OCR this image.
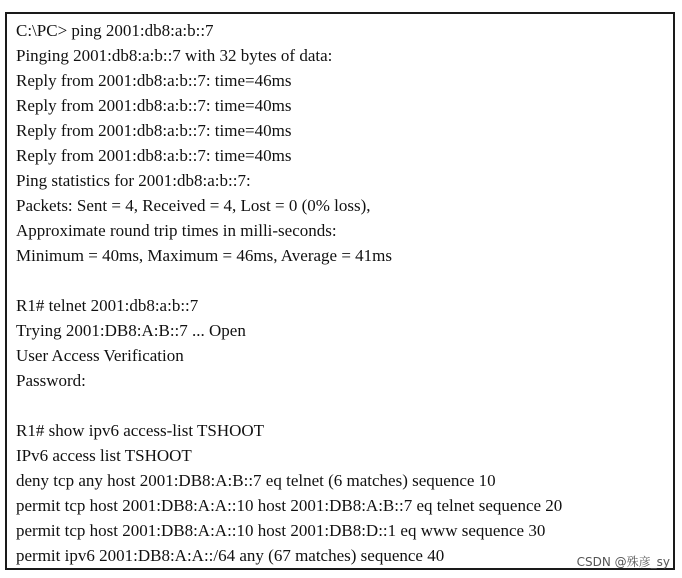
C:\PC> ping 2001:db8:a:b::7
Pinging 2001:db8:a:b::7 with 32 bytes of data:
Reply from 2001:db8:a:b::7: time=46ms
Reply from 2001:db8:a:b::7: time=40ms
Reply from 2001:db8:a:b::7: time=40ms
Reply from 2001:db8:a:b::7: time=40ms
Ping statistics for 2001:db8:a:b::7:
Packets: Sent = 4, Received = 4, Lost = 0 (0% loss),
Approximate round trip times in milli-seconds:
Minimum = 40ms, Maximum = 46ms, Average = 41ms
R1# telnet 2001:db8:a:b::7
Trying 2001:DB8:A:B::7 ... Open
User Access Verification
Password:
R1# show ipv6 access-list TSHOOT
IPv6 access list TSHOOT
deny tcp any host 2001:DB8:A:B::7 eq telnet (6 matches) sequence 10
permit tcp host 2001:DB8:A:A::10 host 2001:DB8:A:B::7 eq telnet sequence 20
permit tcp host 2001:DB8:A:A::10 host 2001:DB8:D::1 eq www sequence 30
permit ipv6 2001:DB8:A:A::/64 any (67 matches) sequence 40	CSDN @殊彦_sy
